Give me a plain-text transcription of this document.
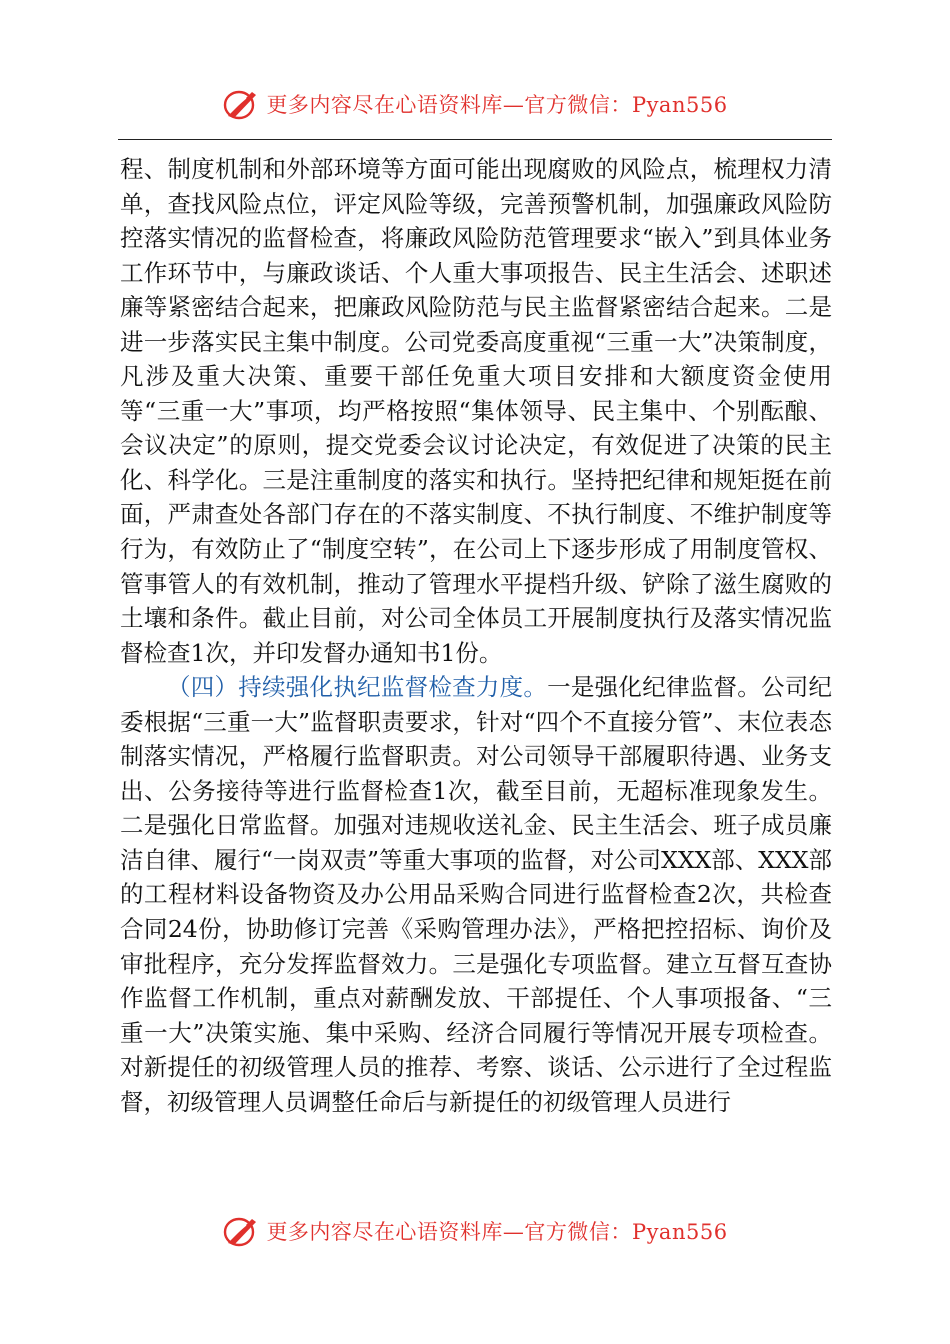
更多内容尽在心语资料库—官方微信：Pyan556

程、制度机制和外部环境等方面可能出现腐败的风险点，梳理权力清单，查找风险点位，评定风险等级，完善预警机制，加强廉政风险防控落实情况的监督检查，将廉政风险防范管理要求“嵌入”到具体业务工作环节中，与廉政谈话、个人重大事项报告、民主生活会、述职述廉等紧密结合起来，把廉政风险防范与民主监督紧密结合起来。二是进一步落实民主集中制度。公司党委高度重视“三重一大”决策制度，凡涉及重大决策、重要干部任免重大项目安排和大额度资金使用等“三重一大”事项，均严格按照“集体领导、民主集中、个别酝酿、会议决定”的原则，提交党委会议讨论决定，有效促进了决策的民主化、科学化。三是注重制度的落实和执行。坚持把纪律和规矩挺在前面，严肃查处各部门存在的不落实制度、不执行制度、不维护制度等行为，有效防止了“制度空转”，在公司上下逐步形成了用制度管权、管事管人的有效机制，推动了管理水平提档升级、铲除了滋生腐败的土壤和条件。截止目前，对公司全体员工开展制度执行及落实情况监督检查1次，并印发督办通知书1份。

（四）持续强化执纪监督检查力度。一是强化纪律监督。公司纪委根据“三重一大”监督职责要求，针对“四个不直接分管”、末位表态制落实情况，严格履行监督职责。对公司领导干部履职待遇、业务支出、公务接待等进行监督检查1次，截至目前，无超标准现象发生。二是强化日常监督。加强对违规收送礼金、民主生活会、班子成员廉洁自律、履行“一岗双责”等重大事项的监督，对公司XXX部、XXX部的工程材料设备物资及办公用品采购合同进行监督检查2次，共检查合同24份，协助修订完善《采购管理办法》，严格把控招标、询价及审批程序，充分发挥监督效力。三是强化专项监督。建立互督互查协作监督工作机制，重点对薪酬发放、干部提任、个人事项报备、“三重一大”决策实施、集中采购、经济合同履行等情况开展专项检查。对新提任的初级管理人员的推荐、考察、谈话、公示进行了全过程监督，初级管理人员调整任命后与新提任的初级管理人员进行

更多内容尽在心语资料库—官方微信：Pyan556
